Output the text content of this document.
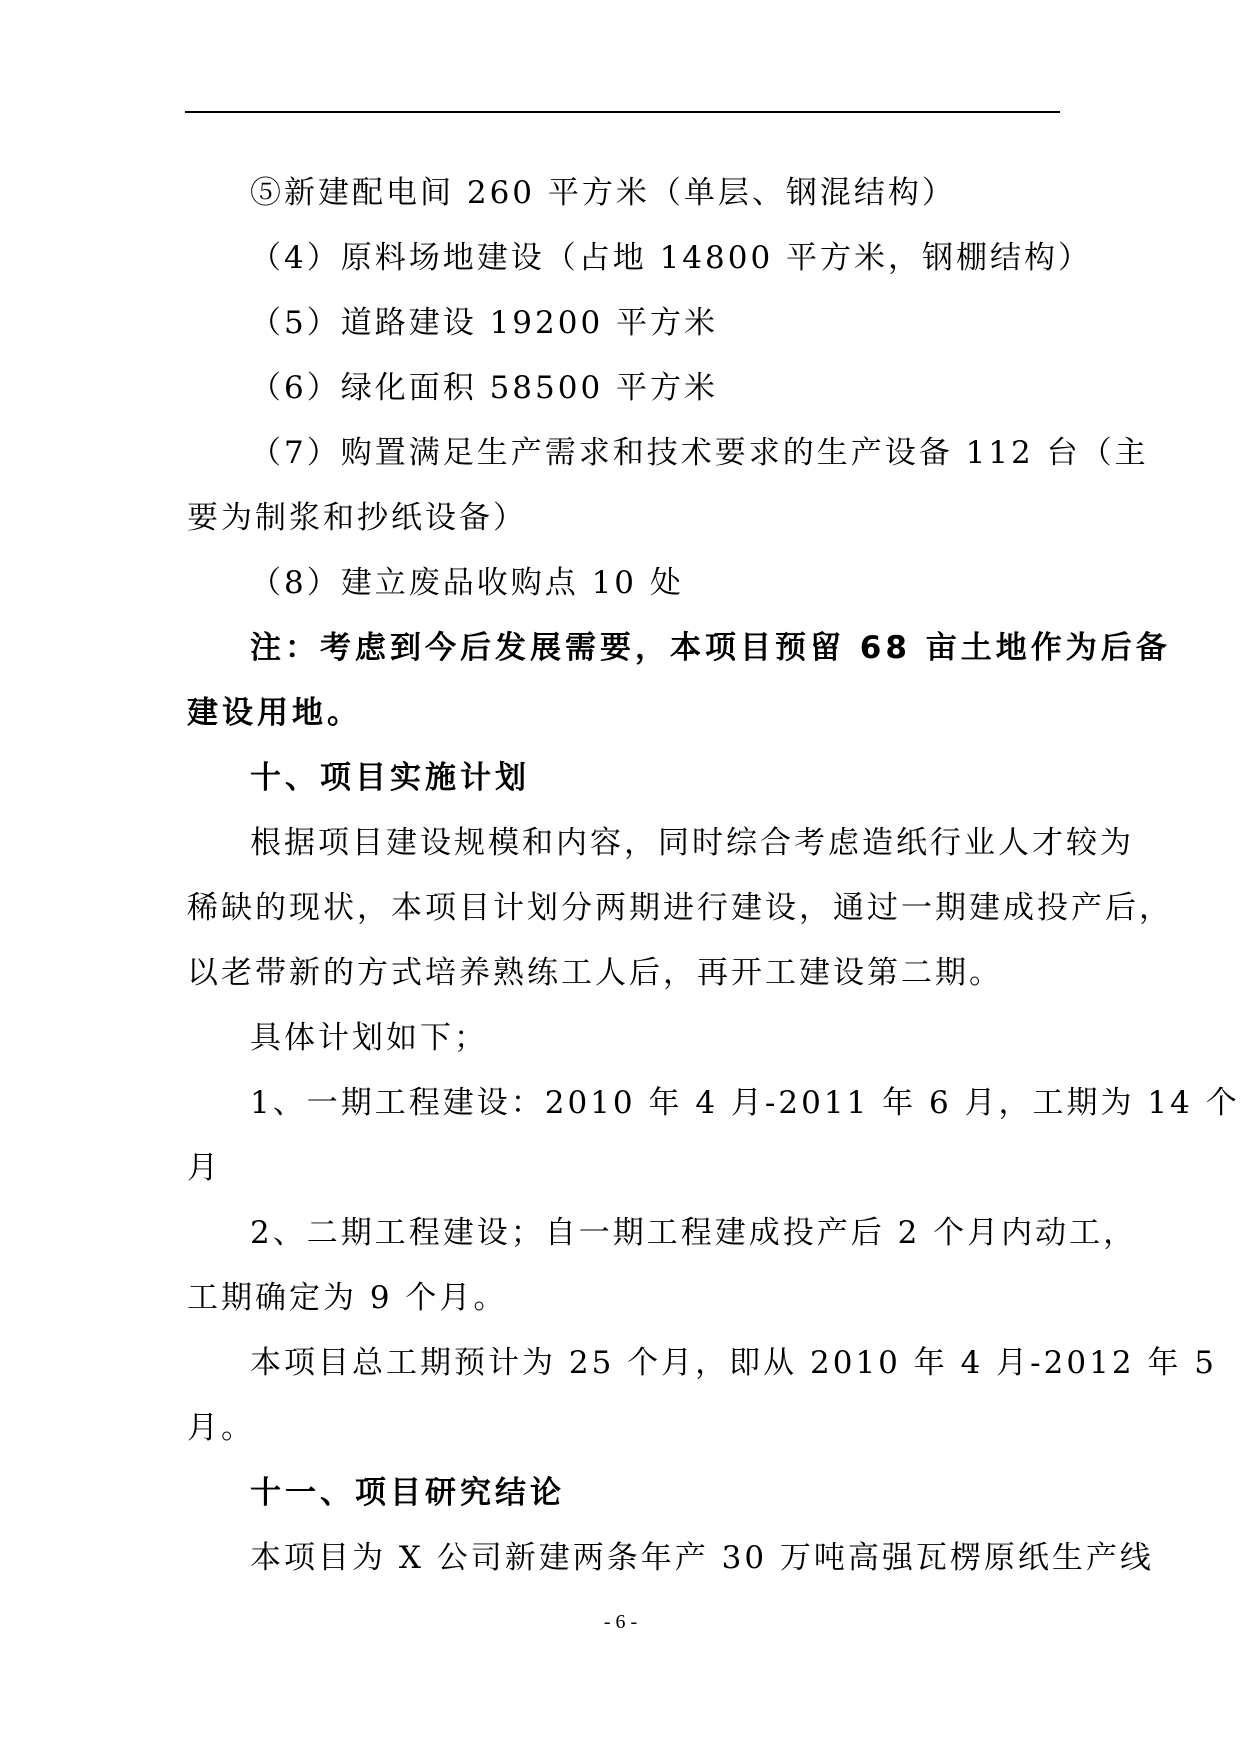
⑤新建配电间 260 平方米（单层、钢混结构）
（4）原料场地建设（占地 14800 平方米，钢棚结构）
（5）道路建设 19200 平方米
（6）绿化面积 58500 平方米
（7）购置满足生产需求和技术要求的生产设备 112 台（主
要为制浆和抄纸设备）
（8）建立废品收购点 10 处
注：考虑到今后发展需要，本项目预留 68 亩土地作为后备
建设用地。
十、项目实施计划
根据项目建设规模和内容，同时综合考虑造纸行业人才较为
稀缺的现状，本项目计划分两期进行建设，通过一期建成投产后，
以老带新的方式培养熟练工人后，再开工建设第二期。
具体计划如下；
1、一期工程建设：2010 年 4 月-2011 年 6 月，工期为 14 个
月
2、二期工程建设；自一期工程建成投产后 2 个月内动工，
工期确定为 9 个月。
本项目总工期预计为 25 个月，即从 2010 年 4 月-2012 年 5
月。
十一、项目研究结论
本项目为 X 公司新建两条年产 30 万吨高强瓦楞原纸生产线
- 6 -
